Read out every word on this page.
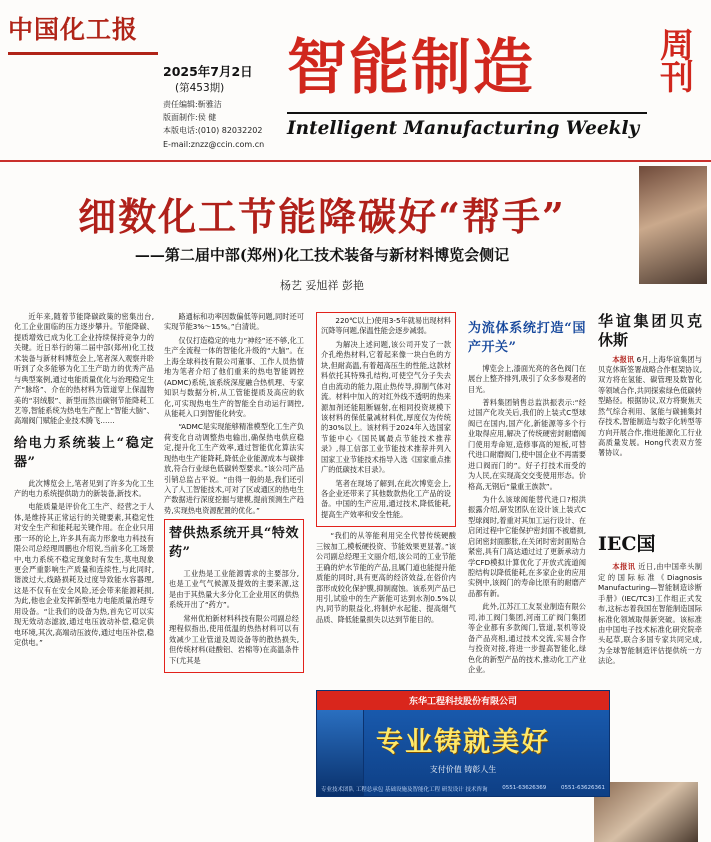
中国化工报
2025年7月2日
(第453期)
责任编辑:靳雅洁
版面制作:侯 健
本版电话:(010) 82032202
E-mail:znzz@ccin.com.cn
智能制造	周刊
Intelligent Manufacturing Weekly
细数化工节能降碳好“帮手”
——第二届中部(郑州)化工技术装备与新材料博览会侧记
杨艺 妥旭祥 彭艳

近年来,随着节能降碳政策的密集出台,化工企业面临的压力逐步攀升。节能降碳、提质增效已成为化工企业持续保持竞争力的关键。近日举行的第二届中部(郑州)化工技术装备与新材料博览会上,笔者深入观察并聆听到了众多能够为化工生产助力的优秀产品与典型案例,通过电能质量优化与治理稳定生产“脉络”、介在的热材料为管道穿上保温物美的“羽绒服”、新型而然出碳钢节能降耗工艺等,智能系统为热电生产配上“智能大脑”、高端阀门赋能企业技术腾飞……

给电力系统装上“稳定器”

此次博览会上,笔者见到了许多为化工生产的电力系统提供助力的新装备,新技术。

电能质量是评价化工生产、经营之于人体,是维持其正常运行的关键要素,其稳定性对安全生产和能耗起关键作用。在企业只用那一环的论上,许多具有高力形象电力科技有限公司总经理周鹏也介绍说,当前多化工场景中,电力系统不稳定现象时有发生,莫电现象更会严重影响生产质量和连续性,与此同时,谐波过大,线路损耗及过度导致能水容器理,这是不仅有在安全风险,还会带来能源耗损,为此,他也企业发挥新型电力电能质量治理专用设备。“让我们的设备为热,首先它可以实现无效动态滤波,通过电压波动补偿,稳定供电环境,其次,高端动压波传,通过电压补偿,稳定供电。”

路通标和功率因数偏低等问题,同时还可实现节能3%～15%。”白清说。

仅仅打造稳定的电力“神经”还不够,化工生产全流程一体的智能化升级的“大脑”。在上海全球科技有限公司董事、工作人员热情地为笔者介绍了他们重来的热电智能调控(ADMC)系统,该系统深度融合热机理、专家知识与数据分析,从工管能提质及高应的软化,可实现热电生产的智能全自动运行调控,从能耗入口到智能化转安。

“ADMC是实现能够精准模型化工生产负荷变化自动调整热电输出,确保热电供应稳定,提升化工生产效率,通过智能优化算法实现热电生产能降耗,降低企业能源成本与碳排放,符合行业绿色低碳转型要求。”该公司产品引销总监占平说。“由得一般的是,我们还引入了人工智能技术,可对了区或通区的热电生产数据进行深度挖掘与建模,提前预测生产趋势,实现热电资源配置的优化。”

替供热系统开具“特效药”

工业热是工业能源需求的主要部分,也是工业气气候源及提效的主要来源,这是由于其热量大多分化工企业用区的供热系统开出了“药方”。

常州优柏新材料科技有限公司副总经理程似指出,使用低温的热热材料可以有效减少工业管道及周设备等的散热损失,但传统材料(硅酸铝、岩棉等)在高温条件下(尤其是

220℃以上)使用3-5年就易出现材料沉降等问题,保温性能会逐步减弱。

为解决上述问题,该公司开发了一款介孔绝热材料,它着起来像一块白色的方块,但耐高温,有着超高压生的性能,这款材料依托其特殊孔结构,可使空气分子失去自由流动的能力,阻止热传导,抑制气体对流。材料中加入的对红外线不透明的热来源加剂还能阻断辐射,在相同投资规模下该材料的保低量减材料优,厚度仅为传统的30%以上。该材料于2024年入选国家节能中心《国民属最点节能技术推荐录》,得工信部工业节能技术推荐并列入国家工业节能技术指导入选《国家重点推广的低碳技术目录》。

笔者在现场了解到,在此次博览会上,各企业还带来了其他数款热化工产品的设备。中国的生产应用,通过技术,降低能耗,提高生产效率和安全性能。

“我们的从等能利用完全代替传统硬酸三铵加工,模板硬投资、节能效果更显著。”该公司副总经理王文丽介绍,该公司的工业节能王确的炉水节能的产品,且属门道也能提升能质能的同时,具有更高的经济效益,在俗价内部形成较化保护膜,抑制腐蚀。该系列产品已用引,试验中的生产新能可达到水剂0.5%以内,同节的限益化,将制炉水起能、提高烟气品质、降低能量损失以达到节能目的。

为流体系统打造“国产开关”

博览会上,漆面光亮的各色阀门在展台上整齐排列,吸引了众多参观者的目光。

普料集团销售总监洪振表示:“经过国产化攻关后,我们的上装式C型球阀已在国内,国产化,新能源等多个行业取得应用,解决了传统硬密封耐磨阀门使用寿命短,造修事高的短板,可替代进口耐磨阀门,使中国企业不再需要进口阀而门的”。好子打技术而受的为人民,在实现高交交变使用形态。价格高,无钢后“量重王族款”。

为什么该球阀能替代进口?根洪振露介绍,研发团队在设计该上装式C型球阀时,着重对其加工运行设计、在启闭过程中它能保护密封面不被磨损,启闭密封面膨胀,在关闭时密封面贴合紧密,具有门高达通过过了更新承动力学CFD模拟计算优化了开放式流道阀腔结构以降低能耗,在多家企业的应用实例中,该阀门的寿命比原有的耐磨产品都有新。

此外,江苏江工友泵业制造有限公司,沛工阀门集团,河南工矿阀门集团等企业都有多款阀门,管道,泵机等设备产品亮相,通过技术交流,实易合作与投资对接,将进一步提高智能化,绿色化的新型产品的技术,推动化工产业企业。

华谊集团贝克休斯

本报讯 6月,上海华谊集团与贝克休斯签署战略合作框架协议,双方将在氢能、碳管理及数智化等领域合作,共同探索绿色低碳转型路径。根据协议,双方将聚焦天然气综合利用、氢能与碳捕集封存技术,智能制造与数字化转型等方向开展合作,推进能源化工行业高质量发展。Hong代表双方签署协议。

IEC国

本报讯 近日,由中国牵头制定的国际标准《Diagnosis Manufacturing—智能制造诊断手册》(IEC/TC3)工作组正式发布,这标志着我国在智能制造国际标准化领域取得新突破。该标准由中国电子技术标准化研究院牵头起草,联合多国专家共同完成,为全球智能制造评估提供统一方法论。

东华工程科技股份有限公司
专业铸就美好
支付价值 铸彰人生
专业技术团队 工程总承包 基础设施及智能化工程 研发设计 技术咨询	0551-63626369	0551-63626361
